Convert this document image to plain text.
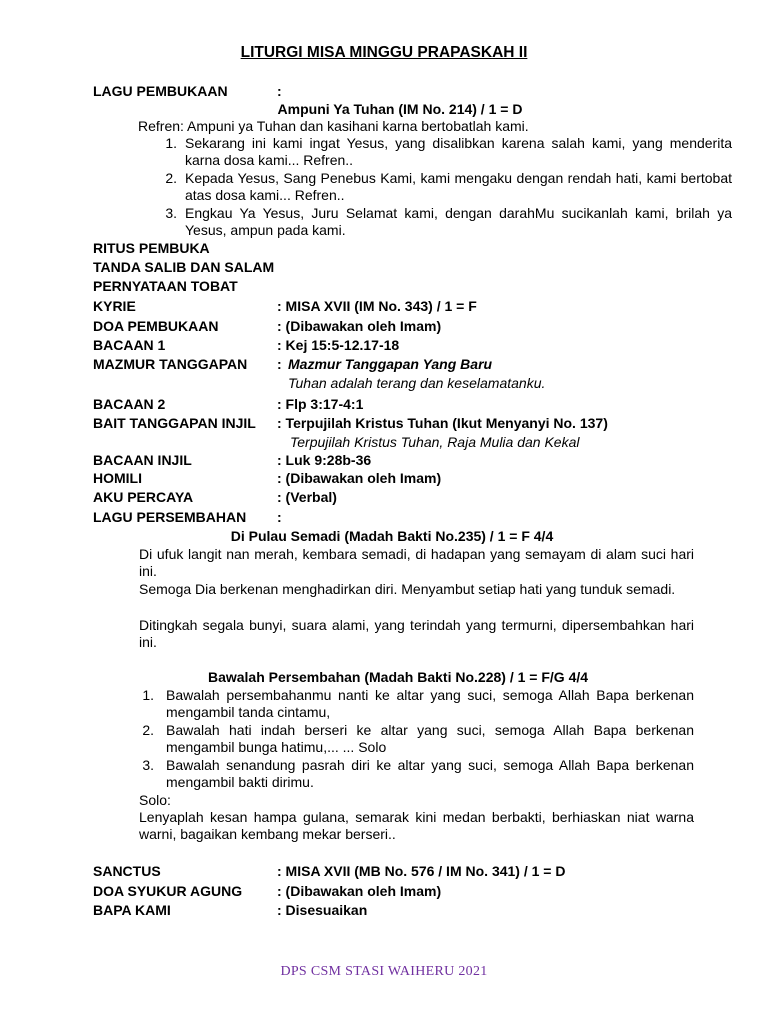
LITURGI MISA MINGGU PRAPASKAH II
LAGU PEMBUKAAN	:
Ampuni Ya Tuhan (IM No. 214) / 1 = D
Refren: Ampuni ya Tuhan dan kasihani karna bertobatlah kami.
1. Sekarang ini kami ingat Yesus, yang disalibkan karena salah kami, yang menderita karna dosa kami... Refren..
2. Kepada Yesus, Sang Penebus Kami, kami mengaku dengan rendah hati, kami bertobat atas dosa kami... Refren..
3. Engkau Ya Yesus, Juru Selamat kami, dengan darahMu sucikanlah kami, brilah ya Yesus, ampun pada kami.
RITUS PEMBUKA
TANDA SALIB DAN SALAM
PERNYATAAN TOBAT
KYRIE	: MISA XVII (IM No. 343) / 1 = F
DOA PEMBUKAAN	: (Dibawakan oleh Imam)
BACAAN 1	: Kej 15:5-12.17-18
MAZMUR TANGGAPAN : Mazmur Tanggapan Yang Baru
Tuhan adalah terang dan keselamatanku.
BACAAN 2	: Flp 3:17-4:1
BAIT TANGGAPAN INJIL : Terpujilah Kristus Tuhan (Ikut Menyanyi No. 137)
Terpujilah Kristus Tuhan, Raja Mulia dan Kekal
BACAAN INJIL	: Luk 9:28b-36
HOMILI	: (Dibawakan oleh Imam)
AKU PERCAYA	: (Verbal)
LAGU PERSEMBAHAN :
Di Pulau Semadi (Madah Bakti No.235) / 1 = F 4/4
Di ufuk langit nan merah, kembara semadi, di hadapan yang semayam di alam suci hari ini.
Semoga Dia berkenan menghadirkan diri. Menyambut setiap hati yang tunduk semadi.
Ditingkah segala bunyi, suara alami, yang terindah yang termurni, dipersembahkan hari ini.
Bawalah Persembahan (Madah Bakti No.228) / 1 = F/G 4/4
1. Bawalah persembahanmu nanti ke altar yang suci, semoga Allah Bapa berkenan mengambil tanda cintamu,
2. Bawalah hati indah berseri ke altar yang suci, semoga Allah Bapa berkenan mengambil bunga hatimu,... ... Solo
3. Bawalah senandung pasrah diri ke altar yang suci, semoga Allah Bapa berkenan mengambil bakti dirimu.
Solo:
Lenyaplah kesan hampa gulana, semarak kini medan berbakti, berhiaskan niat warna warni, bagaikan kembang mekar berseri..
SANCTUS	: MISA XVII (MB No. 576 / IM No. 341) / 1 = D
DOA SYUKUR AGUNG : (Dibawakan oleh Imam)
BAPA KAMI	: Disesuaikan
DPS CSM STASI WAIHERU 2021
